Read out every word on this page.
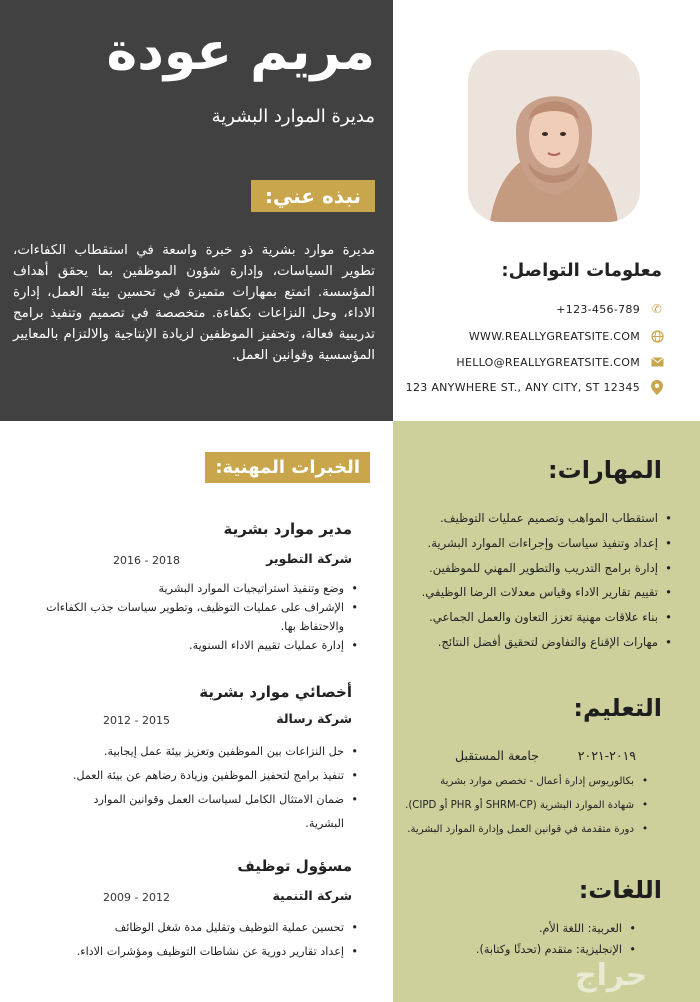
مريم عودة
مديرة الموارد البشرية
نبذه عني:
مديرة موارد بشرية ذو خبرة واسعة في استقطاب الكفاءات، تطوير السياسات، وإدارة شؤون الموظفين بما يحقق أهداف المؤسسة. اتمتع بمهارات متميزة في تحسين بيئة العمل، إدارة الاداء، وحل النزاعات بكفاءة. متخصصة في تصميم وتنفيذ برامج تدريبية فعالة، وتحفيز الموظفين لزيادة الإنتاجية والالتزام بالمعايير المؤسسية وقوانين العمل.
معلومات التواصل:
✆
+123-456-789
WWW.REALLYGREATSITE.COM
HELLO@REALLYGREATSITE.COM
123 ANYWHERE ST., ANY CITY, ST 12345
المهارات:
• استقطاب المواهب وتصميم عمليات التوظيف.
• إعداد وتنفيذ سياسات وإجراءات الموارد البشرية.
• إدارة برامج التدريب والتطوير المهني للموظفين.
• تقييم تقارير الاداء وقياس معدلات الرضا الوظيفي.
• بناء علاقات مهنية تعزز التعاون والعمل الجماعي.
• مهارات الإقناع والتفاوض لتحقيق أفضل النتائج.
التعليم:
جامعة المستقبل	٢٠١٩-٢٠٢١
• بكالوريوس إدارة أعمال - تخصص موارد بشرية
• شهادة الموارد البشرية (SHRM-CP أو PHR أو CIPD).
• دورة متقدمة في قوانين العمل وإدارة الموارد البشرية.
اللغات:
• العربية: اللغة الأم.
• الإنجليزية: متقدم (تحدثًا وكتابة).
الخبرات المهنية:
مدير موارد بشرية
شركة التطوير
2016 - 2018
• وضع وتنفيذ استراتيجيات الموارد البشرية
• الإشراف على عمليات التوظيف، وتطوير سياسات جذب الكفاءات والاحتفاظ بها.
• إدارة عمليات تقييم الاداء السنوية.
أخصائي موارد بشرية
شركة رسالة
2012 - 2015
• حل النزاعات بين الموظفين وتعزيز بيئة عمل إيجابية.
• تنفيذ برامج لتحفيز الموظفين وزيادة رضاهم عن بيئة العمل.
• ضمان الامتثال الكامل لسياسات العمل وقوانين الموارد البشرية.
مسؤول توظيف
شركة التنمية
2009 - 2012
• تحسين عملية التوظيف وتقليل مدة شغل الوظائف
• إعداد تقارير دورية عن نشاطات التوظيف ومؤشرات الاداء.
حراج
